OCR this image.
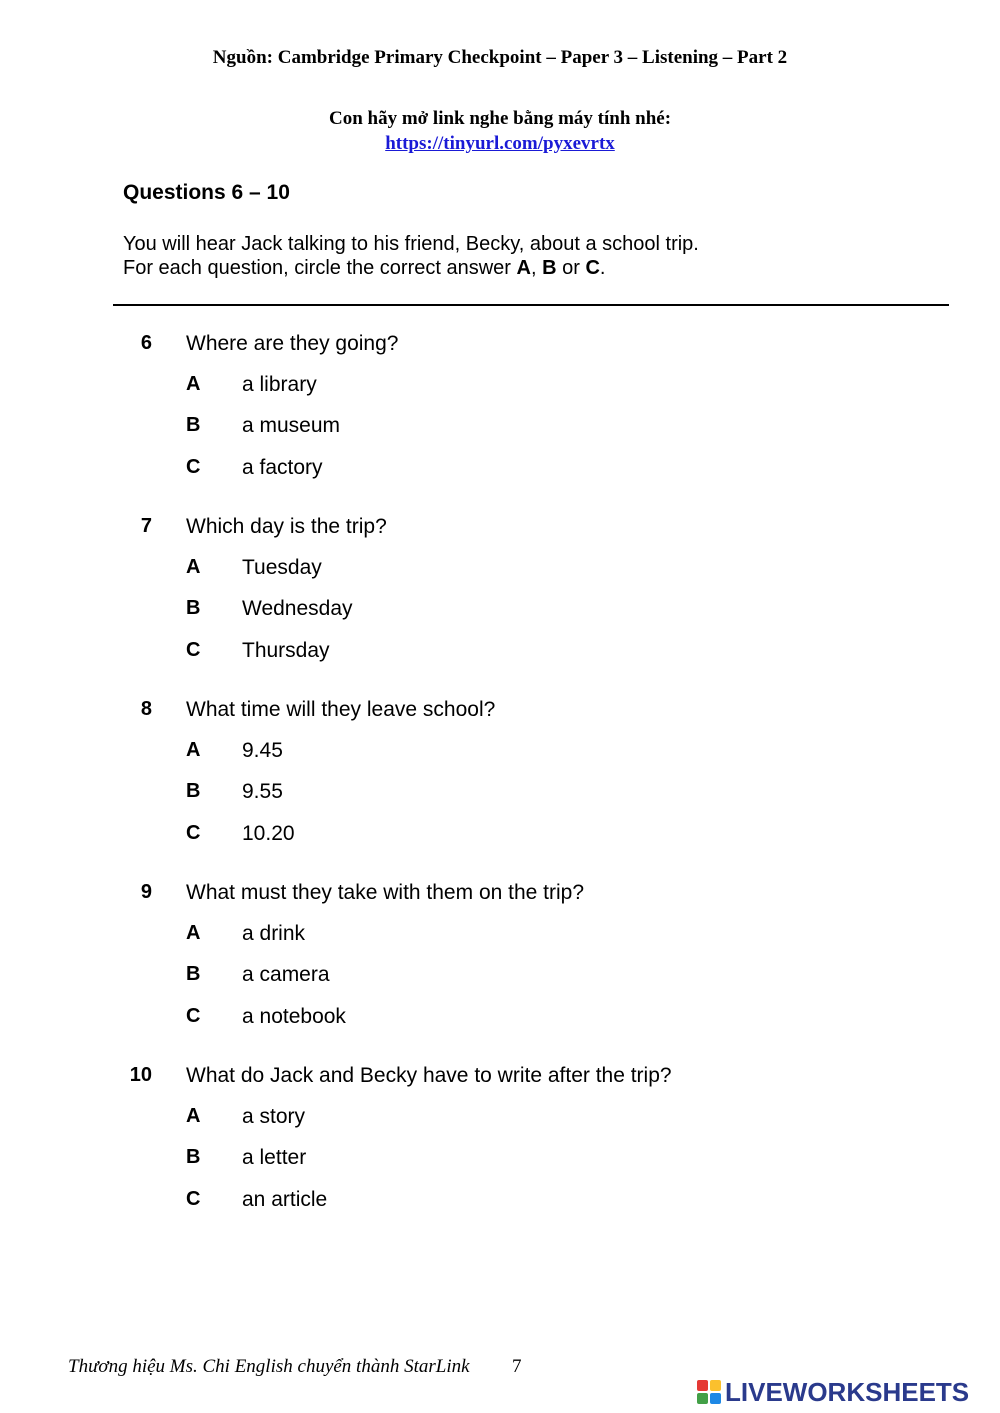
Nguồn: Cambridge Primary Checkpoint – Paper 3 – Listening – Part 2
Con hãy mở link nghe bằng máy tính nhé:
https://tinyurl.com/pyxevrtx
Questions 6 – 10
You will hear Jack talking to his friend, Becky, about a school trip.
For each question, circle the correct answer A, B or C.
6 Where are they going?
A a library
B a museum
C a factory
7 Which day is the trip?
A Tuesday
B Wednesday
C Thursday
8 What time will they leave school?
A 9.45
B 9.55
C 10.20
9 What must they take with them on the trip?
A a drink
B a camera
C a notebook
10 What do Jack and Becky have to write after the trip?
A a story
B a letter
C an article
Thương hiệu Ms. Chi English chuyển thành StarLink 7
LIVEWORKSHEETS
